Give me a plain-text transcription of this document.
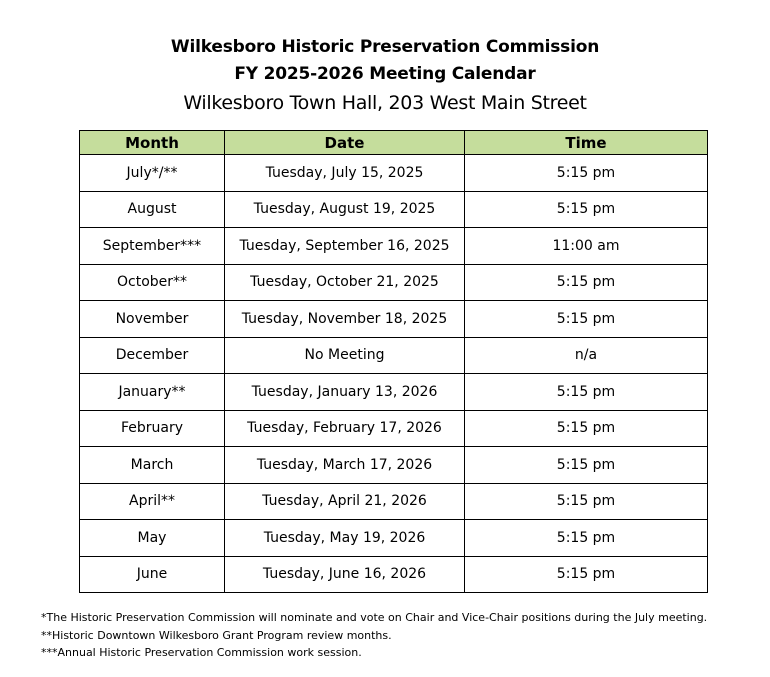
Wilkesboro Historic Preservation Commission
FY 2025-2026 Meeting Calendar
Wilkesboro Town Hall, 203 West Main Street
Month	Date	Time
July*/**	Tuesday, July 15, 2025	5:15 pm
August	Tuesday, August 19, 2025	5:15 pm
September***	Tuesday, September 16, 2025	11:00 am
October**	Tuesday, October 21, 2025	5:15 pm
November	Tuesday, November 18, 2025	5:15 pm
December	No Meeting	n/a
January**	Tuesday, January 13, 2026	5:15 pm
February	Tuesday, February 17, 2026	5:15 pm
March	Tuesday, March 17, 2026	5:15 pm
April**	Tuesday, April 21, 2026	5:15 pm
May	Tuesday, May 19, 2026	5:15 pm
June	Tuesday, June 16, 2026	5:15 pm
*The Historic Preservation Commission will nominate and vote on Chair and Vice-Chair positions during the July meeting.
**Historic Downtown Wilkesboro Grant Program review months.
***Annual Historic Preservation Commission work session.
